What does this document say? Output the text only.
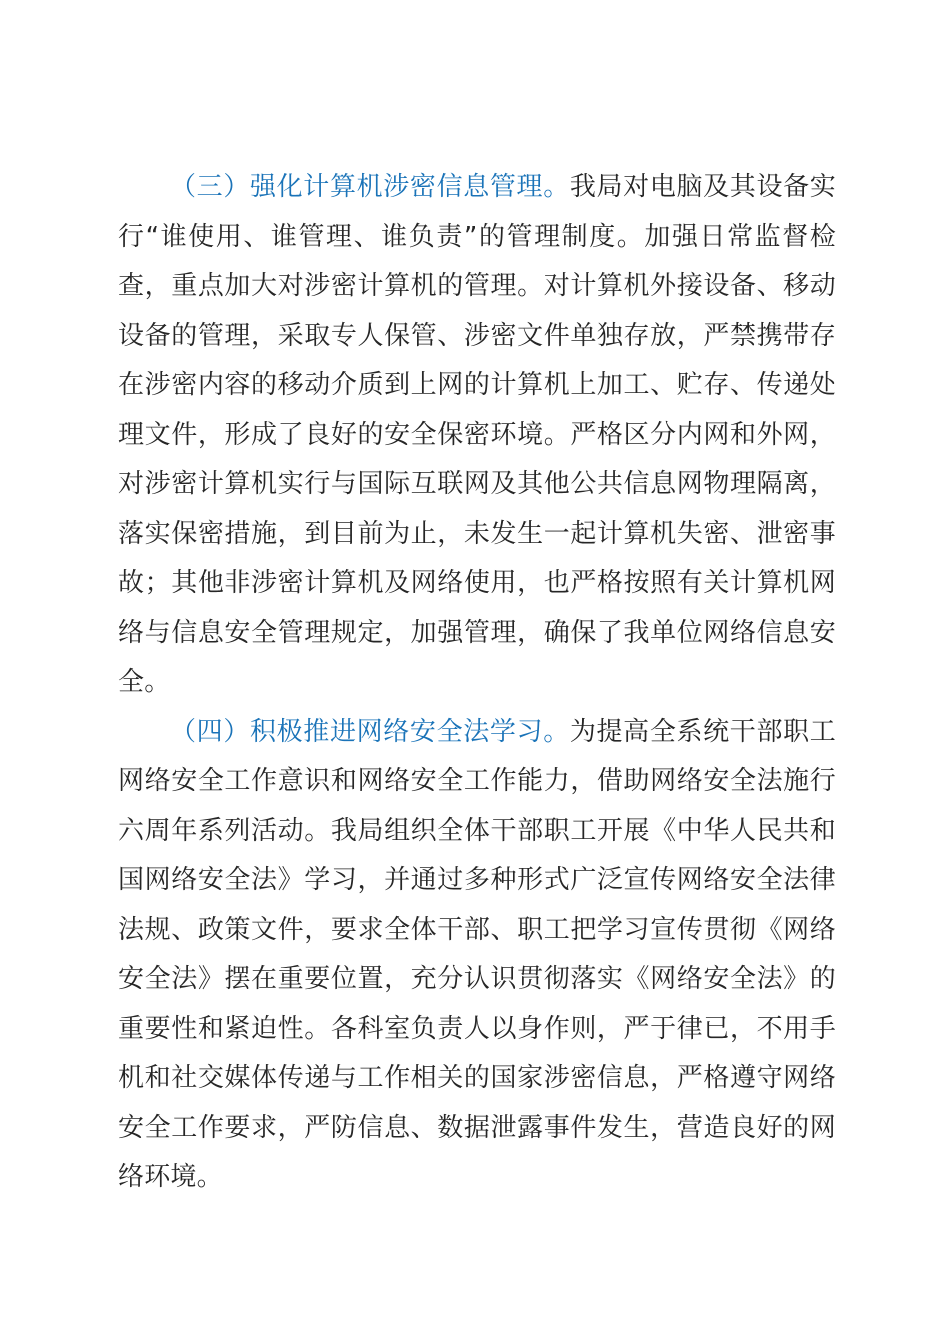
（三）强化计算机涉密信息管理。我局对电脑及其设备实行“谁使用、谁管理、谁负责”的管理制度。加强日常监督检查，重点加大对涉密计算机的管理。对计算机外接设备、移动设备的管理，采取专人保管、涉密文件单独存放，严禁携带存在涉密内容的移动介质到上网的计算机上加工、贮存、传递处理文件，形成了良好的安全保密环境。严格区分内网和外网，对涉密计算机实行与国际互联网及其他公共信息网物理隔离，落实保密措施，到目前为止，未发生一起计算机失密、泄密事故；其他非涉密计算机及网络使用，也严格按照有关计算机网络与信息安全管理规定，加强管理，确保了我单位网络信息安全。

（四）积极推进网络安全法学习。为提高全系统干部职工网络安全工作意识和网络安全工作能力，借助网络安全法施行六周年系列活动。我局组织全体干部职工开展《中华人民共和国网络安全法》学习，并通过多种形式广泛宣传网络安全法律法规、政策文件，要求全体干部、职工把学习宣传贯彻《网络安全法》摆在重要位置，充分认识贯彻落实《网络安全法》的重要性和紧迫性。各科室负责人以身作则，严于律已，不用手机和社交媒体传递与工作相关的国家涉密信息，严格遵守网络安全工作要求，严防信息、数据泄露事件发生，营造良好的网络环境。
